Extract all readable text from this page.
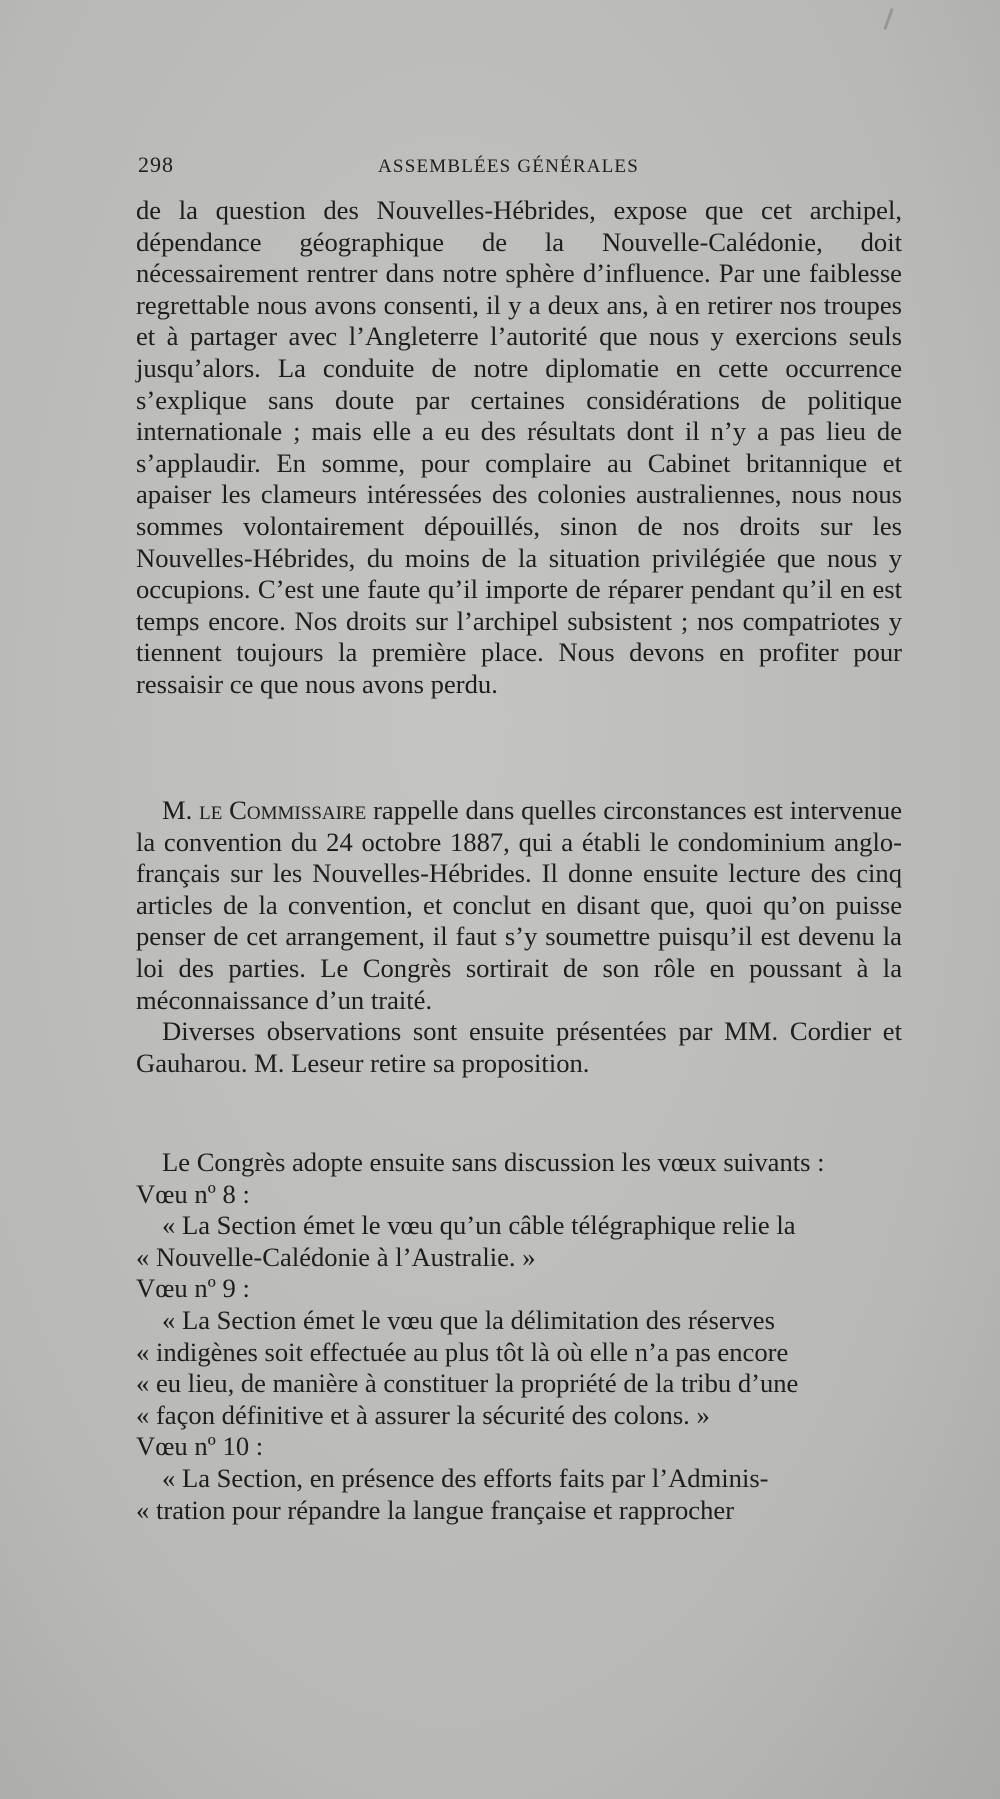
298	ASSEMBLÉES GÉNÉRALES

de la question des Nouvelles-Hébrides, expose que cet archipel, dépendance géographique de la Nouvelle-Calédonie, doit nécessairement rentrer dans notre sphère d’influence. Par une faiblesse regrettable nous avons consenti, il y a deux ans, à en retirer nos troupes et à partager avec l’Angleterre l’autorité que nous y exercions seuls jusqu’alors. La conduite de notre diplomatie en cette occurrence s’explique sans doute par certaines considérations de politique internationale ; mais elle a eu des résultats dont il n’y a pas lieu de s’applaudir. En somme, pour complaire au Cabinet britannique et apaiser les clameurs intéressées des colonies australiennes, nous nous sommes volontairement dépouillés, sinon de nos droits sur les Nouvelles-Hébrides, du moins de la situation privilégiée que nous y occupions. C’est une faute qu’il importe de réparer pendant qu’il en est temps encore. Nos droits sur l’archipel subsistent ; nos compatriotes y tiennent toujours la première place. Nous devons en profiter pour ressaisir ce que nous avons perdu.

M. le Commissaire rappelle dans quelles circonstances est intervenue la convention du 24 octobre 1887, qui a établi le condominium anglo-français sur les Nouvelles-Hébrides. Il donne ensuite lecture des cinq articles de la convention, et conclut en disant que, quoi qu’on puisse penser de cet arrangement, il faut s’y soumettre puisqu’il est devenu la loi des parties. Le Congrès sortirait de son rôle en poussant à la méconnaissance d’un traité.

Diverses observations sont ensuite présentées par MM. Cordier et Gauharou. M. Leseur retire sa proposition.

Le Congrès adopte ensuite sans discussion les vœux suivants :

Vœu nº 8 :

« La Section émet le vœu qu’un câble télégraphique relie la

« Nouvelle-Calédonie à l’Australie. »

Vœu nº 9 :

« La Section émet le vœu que la délimitation des réserves

« indigènes soit effectuée au plus tôt là où elle n’a pas encore

« eu lieu, de manière à constituer la propriété de la tribu d’une

« façon définitive et à assurer la sécurité des colons. »

Vœu nº 10 :

« La Section, en présence des efforts faits par l’Adminis-

« tration pour répandre la langue française et rapprocher
